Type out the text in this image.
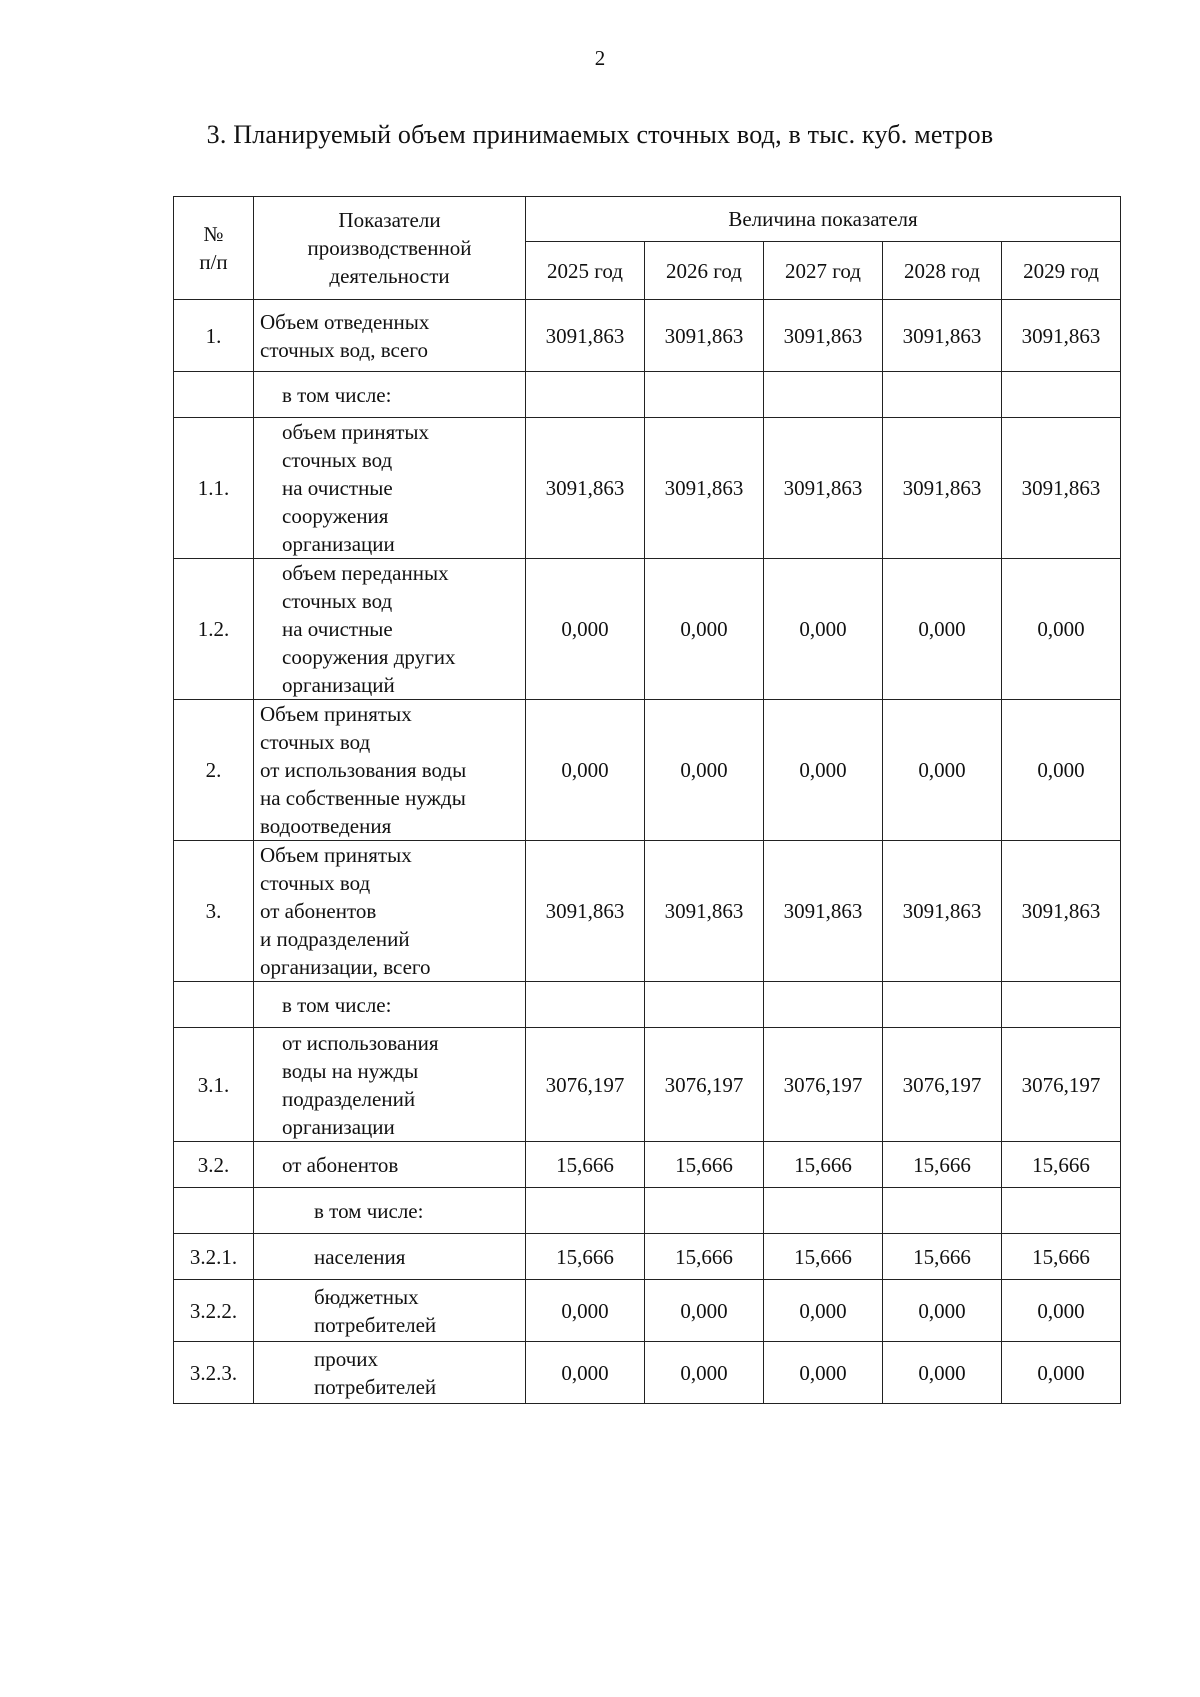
2
3. Планируемый объем принимаемых сточных вод, в тыс. куб. метров
№
п/п	Показатели
производственной
деятельности	Величина показателя				
		2025 год	2026 год	2027 год	2028 год	2029 год
1.	Объем отведенных
сточных вод, всего	3091,863	3091,863	3091,863	3091,863	3091,863

	в том числе:					

1.1.	объем принятых
сточных вод
на очистные
сооружения
организации	3091,863	3091,863	3091,863	3091,863	3091,863
1.2.	объем переданных
сточных вод
на очистные
сооружения других
организаций	0,000	0,000	0,000	0,000	0,000
2.	Объем принятых
сточных вод
от использования воды
на собственные нужды
водоотведения	0,000	0,000	0,000	0,000	0,000
3.	Объем принятых
сточных вод
от абонентов
и подразделений
организации, всего	3091,863	3091,863	3091,863	3091,863	3091,863

	в том числе:					

3.1.	от использования
воды на нужды
подразделений
организации	3076,197	3076,197	3076,197	3076,197	3076,197
3.2.	от абонентов	15,666	15,666	15,666	15,666	15,666

	в том числе:					

3.2.1.	населения	15,666	15,666	15,666	15,666	15,666
3.2.2.	бюджетных
потребителей	0,000	0,000	0,000	0,000	0,000
3.2.3.	прочих
потребителей	0,000	0,000	0,000	0,000	0,000
